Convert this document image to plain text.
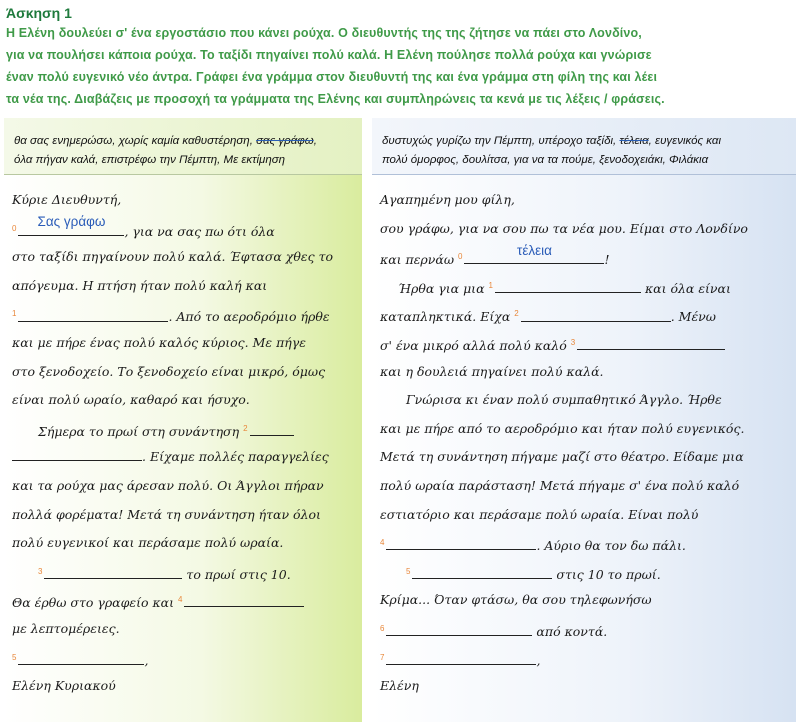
Άσκηση 1
Η Ελένη δουλεύει σ' ένα εργοστάσιο που κάνει ρούχα. Ο διευθυντής της της ζήτησε να πάει στο Λονδίνο,
για να πουλήσει κάποια ρούχα. Το ταξίδι πηγαίνει πολύ καλά. Η Ελένη πούλησε πολλά ρούχα και γνώρισε
έναν πολύ ευγενικό νέο άντρα. Γράφει ένα γράμμα στον διευθυντή της και ένα γράμμα στη φίλη της και λέει
τα νέα της. Διαβάζεις με προσοχή τα γράμματα της Ελένης και συμπληρώνεις τα κενά με τις λέξεις / φράσεις.
θα σας ενημερώσω, χωρίς καμία καθυστέρηση, σας γράφω,
όλα πήγαν καλά, επιστρέφω την Πέμπτη, Με εκτίμηση
Κύριε Διευθυντή,
$^0$	Σας γράφω
, για να σας πω ότι όλα
στο ταξίδι πηγαίνουν πολύ καλά. Έφτασα χθες το
απόγευμα. Η πτήση ήταν πολύ καλή και
$^1$	. Από το αεροδρόμιο ήρθε
και με πήρε ένας πολύ καλός κύριος. Με πήγε
στο ξενοδοχείο. Το ξενοδοχείο είναι μικρό, όμως
είναι πολύ ωραίο, καθαρό και ήσυχο.
Σήμερα το πρωί στη συνάντηση $^2$
. Είχαμε πολλές παραγγελίες
και τα ρούχα μας άρεσαν πολύ. Οι Άγγλοι πήραν
πολλά φορέματα! Μετά τη συνάντηση ήταν όλοι
πολύ ευγενικοί και περάσαμε πολύ ωραία.
$^3$	το πρωί στις 10.
Θα έρθω στο γραφείο και $^4$
με λεπτομέρειες.
$^5$	,
Ελένη Κυριακού
δυστυχώς γυρίζω την Πέμπτη, υπέροχο ταξίδι, τέλεια, ευγενικός και
πολύ όμορφος, δουλίτσα, για να τα πούμε, ξενοδοχειάκι, Φιλάκια
Αγαπημένη μου φίλη,
σου γράφω, για να σου πω τα νέα μου. Είμαι στο Λονδίνο
και περνάω $^0$	τέλεια
!
Ήρθα για μια $^1$	και όλα είναι
καταπληκτικά. Είχα $^2$	. Μένω
σ' ένα μικρό αλλά πολύ καλό $^3$
και η δουλειά πηγαίνει πολύ καλά.
Γνώρισα κι έναν πολύ συμπαθητικό Άγγλο. Ήρθε
και με πήρε από το αεροδρόμιο και ήταν πολύ ευγενικός.
Μετά τη συνάντηση πήγαμε μαζί στο θέατρο. Είδαμε μια
πολύ ωραία παράσταση! Μετά πήγαμε σ' ένα πολύ καλό
εστιατόριο και περάσαμε πολύ ωραία. Είναι πολύ
$^4$	. Αύριο θα τον δω πάλι.
$^5$	στις 10 το πρωί.
Κρίμα... Όταν φτάσω, θα σου τηλεφωνήσω
$^6$	από κοντά.
$^7$	,
Ελένη
